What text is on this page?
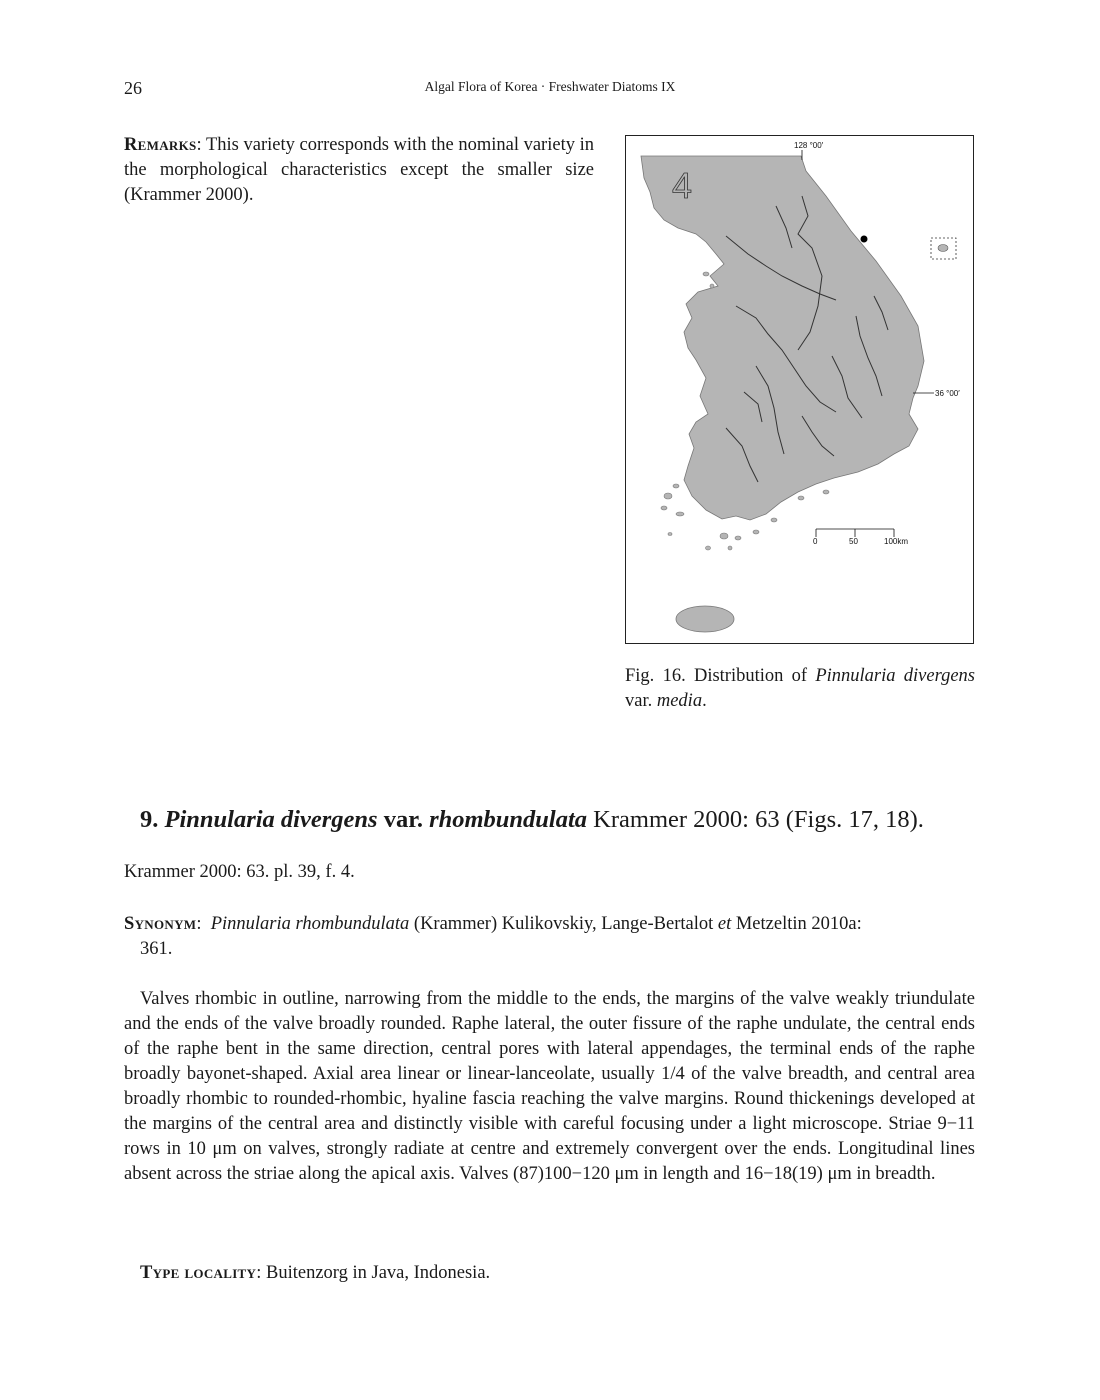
26	Algal Flora of Korea · Freshwater Diatoms IX
Remarks: This variety corresponds with the nominal variety in the morphological characteristics except the smaller size (Krammer 2000).
128 °00′
36 °00′
4
0	50	100km
Fig. 16. Distribution of Pinnularia divergens var. media.
9. Pinnularia divergens var. rhombundulata Krammer 2000: 63 (Figs. 17, 18).
Krammer 2000: 63. pl. 39, f. 4.
Synonym:  Pinnularia rhombundulata (Krammer) Kulikovskiy, Lange-Bertalot et Metzeltin 2010a:
361.
Valves rhombic in outline, narrowing from the middle to the ends, the margins of the valve weakly triundulate and the ends of the valve broadly rounded. Raphe lateral, the outer fissure of the raphe undulate, the central ends of the raphe bent in the same direction, central pores with lateral appendages, the terminal ends of the raphe broadly bayonet-shaped. Axial area linear or linear-lanceolate, usually 1/4 of the valve breadth, and central area broadly rhombic to rounded-rhombic, hyaline fascia reaching the valve margins. Round thickenings developed at the margins of the central area and distinctly visible with careful focusing under a light microscope. Striae 9−11 rows in 10 μm on valves, strongly radiate at centre and extremely convergent over the ends. Longitudinal lines absent across the striae along the apical axis. Valves (87)100−120 μm in length and 16−18(19) μm in breadth.
Type locality: Buitenzorg in Java, Indonesia.
